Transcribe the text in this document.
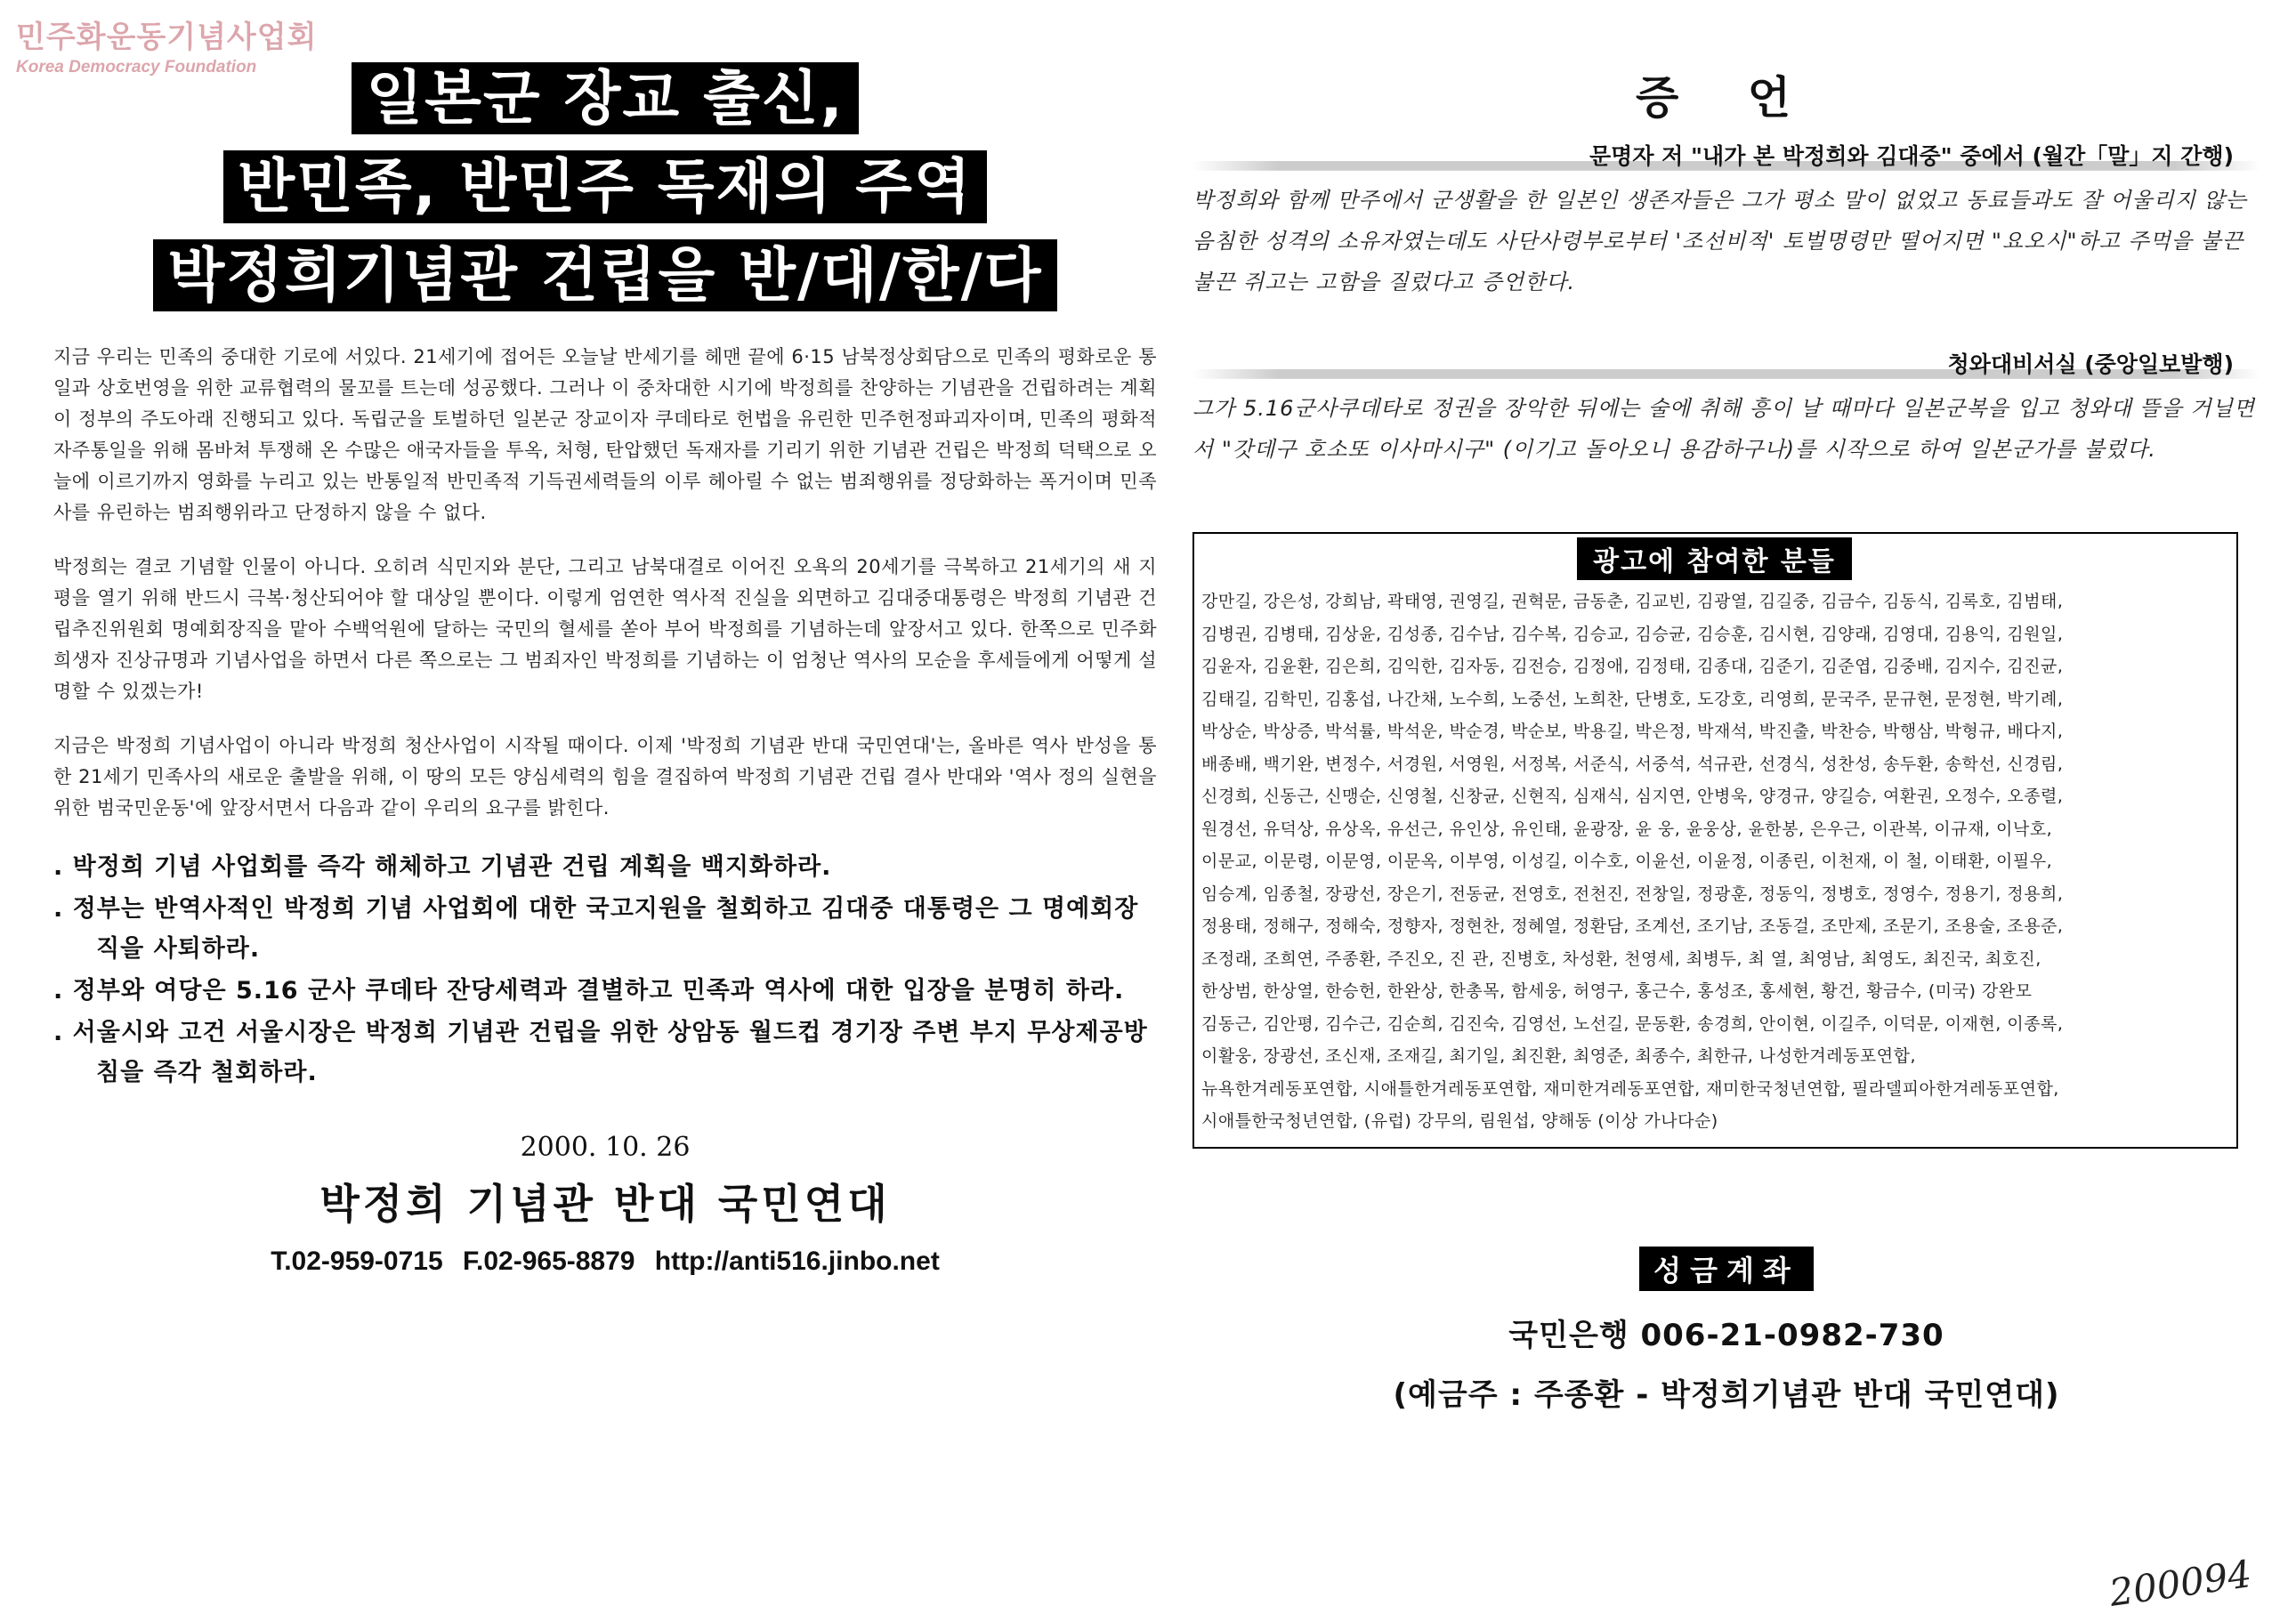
민주화운동기념사업회
Korea Democracy Foundation	일본군 장교 출신,
반민족, 반민주 독재의 주역
박정희기념관 건립을 반/대/한/다

지금 우리는 민족의 중대한 기로에 서있다. 21세기에 접어든 오늘날 반세기를 헤맨 끝에 6·15 남북정상회담으로 민족의 평화로운 통일과 상호번영을 위한 교류협력의 물꼬를 트는데 성공했다. 그러나 이 중차대한 시기에 박정희를 찬양하는 기념관을 건립하려는 계획이 정부의 주도아래 진행되고 있다. 독립군을 토벌하던 일본군 장교이자 쿠데타로 헌법을 유린한 민주헌정파괴자이며, 민족의 평화적 자주통일을 위해 몸바쳐 투쟁해 온 수많은 애국자들을 투옥, 처형, 탄압했던 독재자를 기리기 위한 기념관 건립은 박정희 덕택으로 오늘에 이르기까지 영화를 누리고 있는 반통일적 반민족적 기득권세력들의 이루 헤아릴 수 없는 범죄행위를 정당화하는 폭거이며 민족사를 유린하는 범죄행위라고 단정하지 않을 수 없다.

박정희는 결코 기념할 인물이 아니다. 오히려 식민지와 분단, 그리고 남북대결로 이어진 오욕의 20세기를 극복하고 21세기의 새 지평을 열기 위해 반드시 극복·청산되어야 할 대상일 뿐이다. 이렇게 엄연한 역사적 진실을 외면하고 김대중대통령은 박정희 기념관 건립추진위원회 명예회장직을 맡아 수백억원에 달하는 국민의 혈세를 쏟아 부어 박정희를 기념하는데 앞장서고 있다. 한쪽으로 민주화 희생자 진상규명과 기념사업을 하면서 다른 쪽으로는 그 범죄자인 박정희를 기념하는 이 엄청난 역사의 모순을 후세들에게 어떻게 설명할 수 있겠는가!

지금은 박정희 기념사업이 아니라 박정희 청산사업이 시작될 때이다. 이제 '박정희 기념관 반대 국민연대'는, 올바른 역사 반성을 통한 21세기 민족사의 새로운 출발을 위해, 이 땅의 모든 양심세력의 힘을 결집하여 박정희 기념관 건립 결사 반대와 '역사 정의 실현을 위한 범국민운동'에 앞장서면서 다음과 같이 우리의 요구를 밝힌다.

. 박정희 기념 사업회를 즉각 해체하고 기념관 건립 계획을 백지화하라.
. 정부는 반역사적인 박정희 기념 사업회에 대한 국고지원을 철회하고 김대중 대통령은 그 명예회장직을 사퇴하라.
. 정부와 여당은 5.16 군사 쿠데타 잔당세력과 결별하고 민족과 역사에 대한 입장을 분명히 하라.
. 서울시와 고건 서울시장은 박정희 기념관 건립을 위한 상암동 월드컵 경기장 주변 부지 무상제공방침을 즉각 철회하라.
2000. 10. 26
박정희 기념관 반대 국민연대
T.02-959-0715 F.02-965-8879 http://anti516.jinbo.net
증 언
문명자 저 "내가 본 박정희와 김대중" 중에서 (월간「말」지 간행)
박정희와 함께 만주에서 군생활을 한 일본인 생존자들은 그가 평소 말이 없었고 동료들과도 잘 어울리지 않는 음침한 성격의 소유자였는데도 사단사령부로부터 '조선비적' 토벌명령만 떨어지면 "요오시"하고 주먹을 불끈불끈 쥐고는 고함을 질렀다고 증언한다.
청와대비서실 (중앙일보발행)
그가 5.16군사쿠데타로 정권을 장악한 뒤에는 술에 취해 흥이 날 때마다 일본군복을 입고 청와대 뜰을 거닐면서 "갓데구 호소또 이사마시구" (이기고 돌아오니 용감하구나)를 시작으로 하여 일본군가를 불렀다.
광고에 참여한 분들
강만길, 강은성, 강희남, 곽태영, 권영길, 권혁문, 금동춘, 김교빈, 김광열, 김길중, 김금수, 김동식, 김록호, 김범태,
김병권, 김병태, 김상윤, 김성종, 김수남, 김수복, 김승교, 김승균, 김승훈, 김시현, 김양래, 김영대, 김용익, 김원일,
김윤자, 김윤환, 김은희, 김익한, 김자동, 김전승, 김정애, 김정태, 김종대, 김준기, 김준엽, 김중배, 김지수, 김진균,
김태길, 김학민, 김홍섭, 나간채, 노수희, 노중선, 노희찬, 단병호, 도강호, 리영희, 문국주, 문규현, 문정현, 박기례,
박상순, 박상증, 박석률, 박석운, 박순경, 박순보, 박용길, 박은정, 박재석, 박진출, 박찬승, 박행삼, 박형규, 배다지,
배종배, 백기완, 변정수, 서경원, 서영원, 서정복, 서준식, 서중석, 석규관, 선경식, 성찬성, 송두환, 송학선, 신경림,
신경희, 신동근, 신맹순, 신영철, 신창균, 신현직, 심재식, 심지연, 안병욱, 양경규, 양길승, 여환권, 오정수, 오종렬,
원경선, 유덕상, 유상옥, 유선근, 유인상, 유인태, 윤광장, 윤 웅, 윤웅상, 윤한봉, 은우근, 이관복, 이규재, 이낙호,
이문교, 이문령, 이문영, 이문옥, 이부영, 이성길, 이수호, 이윤선, 이윤정, 이종린, 이천재, 이 철, 이태환, 이필우,
임승계, 임종철, 장광선, 장은기, 전동균, 전영호, 전천진, 전창일, 정광훈, 정동익, 정병호, 정영수, 정용기, 정용희,
정용태, 정해구, 정해숙, 정향자, 정현찬, 정혜열, 정환담, 조계선, 조기남, 조동걸, 조만제, 조문기, 조용술, 조용준,
조정래, 조희연, 주종환, 주진오, 진 관, 진병호, 차성환, 천영세, 최병두, 최 열, 최영남, 최영도, 최진국, 최호진,
한상범, 한상열, 한승헌, 한완상, 한총목, 함세웅, 허영구, 홍근수, 홍성조, 홍세현, 황건, 황금수, (미국) 강완모
김동근, 김안평, 김수근, 김순희, 김진숙, 김영선, 노선길, 문동환, 송경희, 안이현, 이길주, 이덕문, 이재현, 이종록,
이활웅, 장광선, 조신재, 조재길, 최기일, 최진환, 최영준, 최종수, 최한규, 나성한겨레동포연합,
뉴욕한겨레동포연합, 시애틀한겨레동포연합, 재미한겨레동포연합, 재미한국청년연합, 필라델피아한겨레동포연합,
시애틀한국청년연합, (유럽) 강무의, 림원섭, 양해동 (이상 가나다순)
성금계좌
국민은행 006-21-0982-730
(예금주 : 주종환 - 박정희기념관 반대 국민연대)
200094
